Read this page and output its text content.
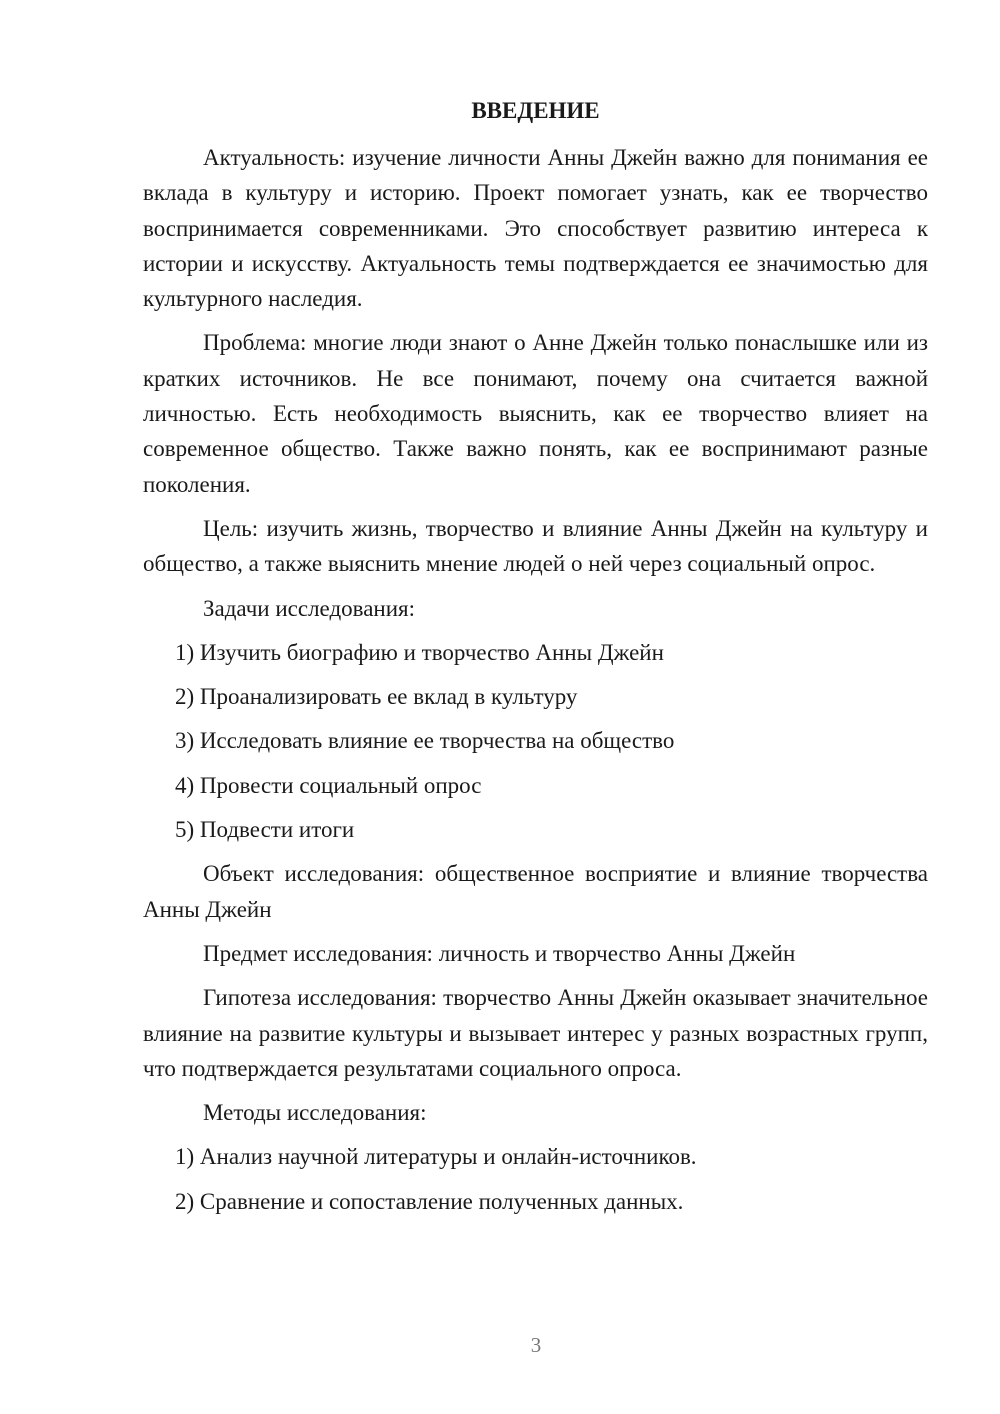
ВВЕДЕНИЕ

Актуальность: изучение личности Анны Джейн важно для понимания ее вклада в культуру и историю. Проект помогает узнать, как ее творчество воспринимается современниками. Это способствует развитию интереса к истории и искусству. Актуальность темы подтверждается ее значимостью для культурного наследия.

Проблема: многие люди знают о Анне Джейн только понаслышке или из кратких источников. Не все понимают, почему она считается важной личностью. Есть необходимость выяснить, как ее творчество влияет на современное общество. Также важно понять, как ее воспринимают разные поколения.

Цель: изучить жизнь, творчество и влияние Анны Джейн на культуру и общество, а также выяснить мнение людей о ней через социальный опрос.

Задачи исследования:

1) Изучить биографию и творчество Анны Джейн

2) Проанализировать ее вклад в культуру

3) Исследовать влияние ее творчества на общество

4) Провести социальный опрос

5) Подвести итоги

Объект исследования: общественное восприятие и влияние творчества Анны Джейн

Предмет исследования: личность и творчество Анны Джейн

Гипотеза исследования: творчество Анны Джейн оказывает значительное влияние на развитие культуры и вызывает интерес у разных возрастных групп, что подтверждается результатами социального опроса.

Методы исследования:

1) Анализ научной литературы и онлайн-источников.

2) Сравнение и сопоставление полученных данных.

3
